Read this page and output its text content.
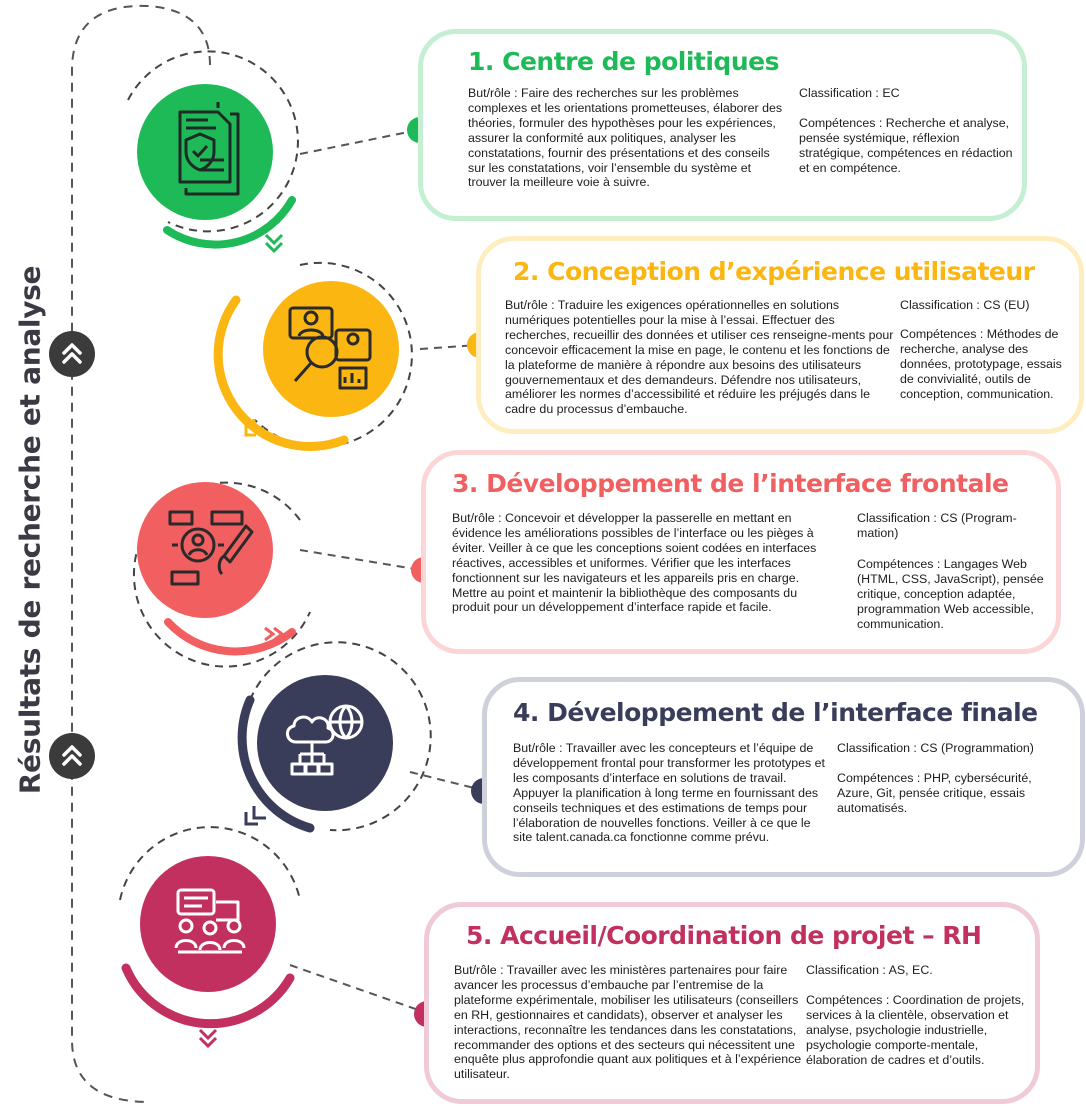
Résultats de recherche et analyse
1. Centre de politiques

But/rôle : Faire des recherches sur les problèmes complexes et les orientations prometteuses, élaborer des théories, formuler des hypothèses pour les expériences, assurer la conformité aux politiques, analyser les constatations, fournir des présentations et des conseils sur les constatations, voir l’ensemble du système et trouver la meilleure voie à suivre.

Classification : EC

Compétences : Recherche et analyse, pensée systémique, réflexion stratégique, compétences en rédaction et en compétence.

2. Conception d’expérience utilisateur

But/rôle : Traduire les exigences opérationnelles en solutions numériques potentielles pour la mise à l’essai. Effectuer des recherches, recueillir des données et utiliser ces renseigne-ments pour concevoir efficacement la mise en page, le contenu et les fonctions de la plateforme de manière à répondre aux besoins des utilisateurs gouvernementaux et des demandeurs. Défendre nos utilisateurs, améliorer les normes d’accessibilité et réduire les préjugés dans le cadre du processus d’embauche.

Classification : CS (EU)

Compétences : Méthodes de recherche, analyse des données, prototypage, essais de convivialité, outils de conception, communication.

3. Développement de l’interface frontale

But/rôle : Concevoir et développer la passerelle en mettant en évidence les améliorations possibles de l’interface ou les pièges à éviter. Veiller à ce que les conceptions soient codées en interfaces réactives, accessibles et uniformes. Vérifier que les interfaces fonctionnent sur les navigateurs et les appareils pris en charge. Mettre au point et maintenir la bibliothèque des composants du produit pour un développement d’interface rapide et facile.

Classification : CS (Program-mation)

Compétences : Langages Web (HTML, CSS, JavaScript), pensée critique, conception adaptée, programmation Web accessible, communication.

4. Développement de l’interface finale

But/rôle : Travailler avec les concepteurs et l’équipe de développement frontal pour transformer les prototypes et les composants d’interface en solutions de travail. Appuyer la planification à long terme en fournissant des conseils techniques et des estimations de temps pour l’élaboration de nouvelles fonctions. Veiller à ce que le site talent.canada.ca fonctionne comme prévu.

Classification : CS (Programmation)

Compétences : PHP, cybersécurité, Azure, Git, pensée critique, essais automatisés.

5. Accueil/Coordination de projet – RH

But/rôle : Travailler avec les ministères partenaires pour faire avancer les processus d’embauche par l’entremise de la plateforme expérimentale, mobiliser les utilisateurs (conseillers en RH, gestionnaires et candidats), observer et analyser les interactions, reconnaître les tendances dans les constatations, recommander des options et des secteurs qui nécessitent une enquête plus approfondie quant aux politiques et à l’expérience utilisateur.

Classification : AS, EC.

Compétences : Coordination de projets, services à la clientèle, observation et analyse, psychologie industrielle, psychologie comporte-mentale, élaboration de cadres et d’outils.
